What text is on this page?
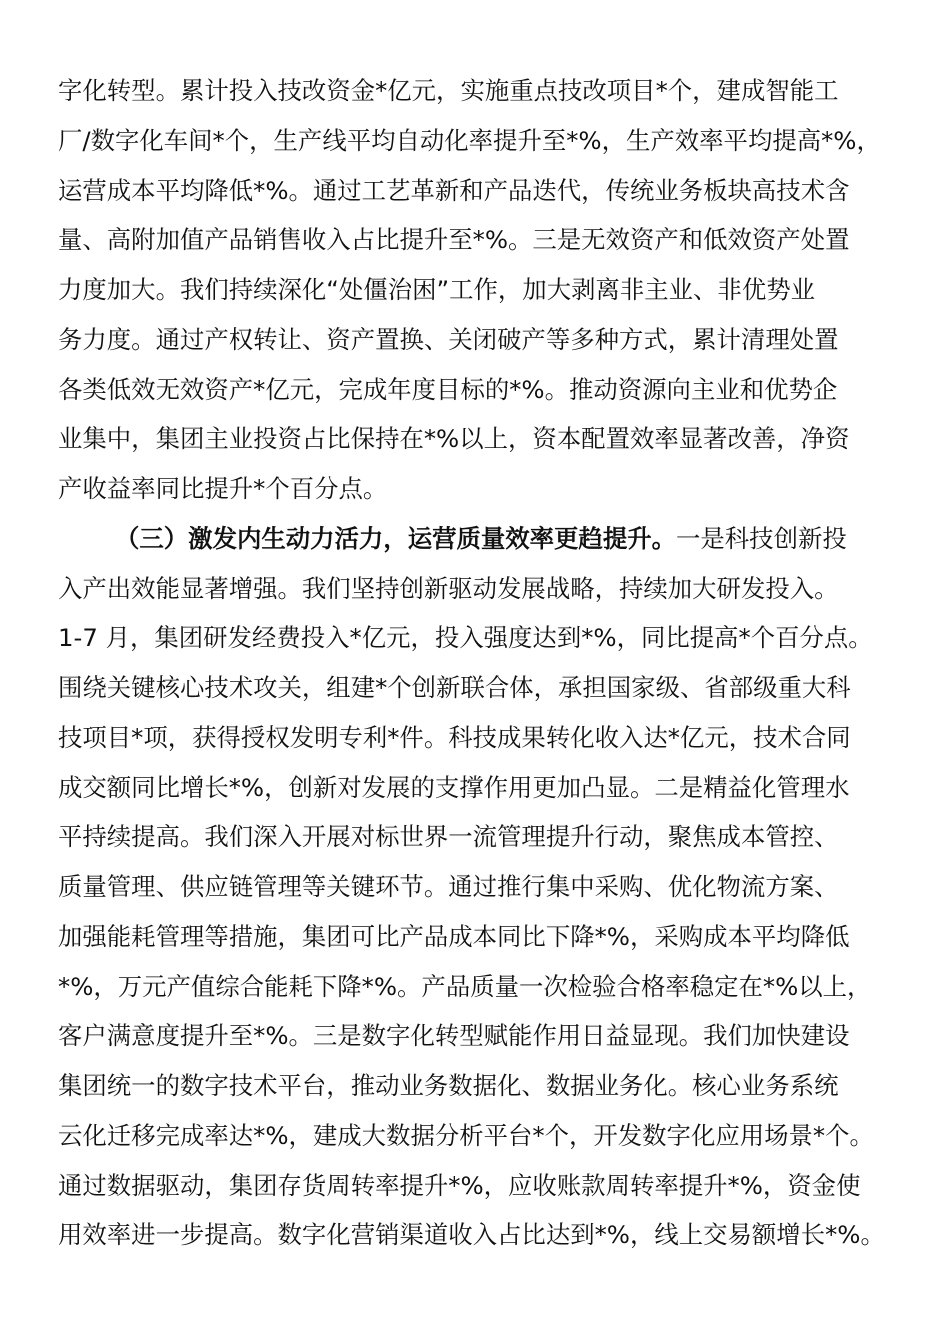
字化转型。累计投入技改资金*亿元，实施重点技改项目*个，建成智能工
厂/数字化车间*个，生产线平均自动化率提升至*%，生产效率平均提高*%，
运营成本平均降低*%。通过工艺革新和产品迭代，传统业务板块高技术含
量、高附加值产品销售收入占比提升至*%。三是无效资产和低效资产处置
力度加大。我们持续深化“处僵治困”工作，加大剥离非主业、非优势业
务力度。通过产权转让、资产置换、关闭破产等多种方式，累计清理处置
各类低效无效资产*亿元，完成年度目标的*%。推动资源向主业和优势企
业集中，集团主业投资占比保持在*%以上，资本配置效率显著改善，净资
产收益率同比提升*个百分点。
（三）激发内生动力活力，运营质量效率更趋提升。一是科技创新投
入产出效能显著增强。我们坚持创新驱动发展战略，持续加大研发投入。
1-7 月，集团研发经费投入*亿元，投入强度达到*%，同比提高*个百分点。
围绕关键核心技术攻关，组建*个创新联合体，承担国家级、省部级重大科
技项目*项，获得授权发明专利*件。科技成果转化收入达*亿元，技术合同
成交额同比增长*%，创新对发展的支撑作用更加凸显。二是精益化管理水
平持续提高。我们深入开展对标世界一流管理提升行动，聚焦成本管控、
质量管理、供应链管理等关键环节。通过推行集中采购、优化物流方案、
加强能耗管理等措施，集团可比产品成本同比下降*%，采购成本平均降低
*%，万元产值综合能耗下降*%。产品质量一次检验合格率稳定在*%以上，
客户满意度提升至*%。三是数字化转型赋能作用日益显现。我们加快建设
集团统一的数字技术平台，推动业务数据化、数据业务化。核心业务系统
云化迁移完成率达*%，建成大数据分析平台*个，开发数字化应用场景*个。
通过数据驱动，集团存货周转率提升*%，应收账款周转率提升*%，资金使
用效率进一步提高。数字化营销渠道收入占比达到*%，线上交易额增长*%。
